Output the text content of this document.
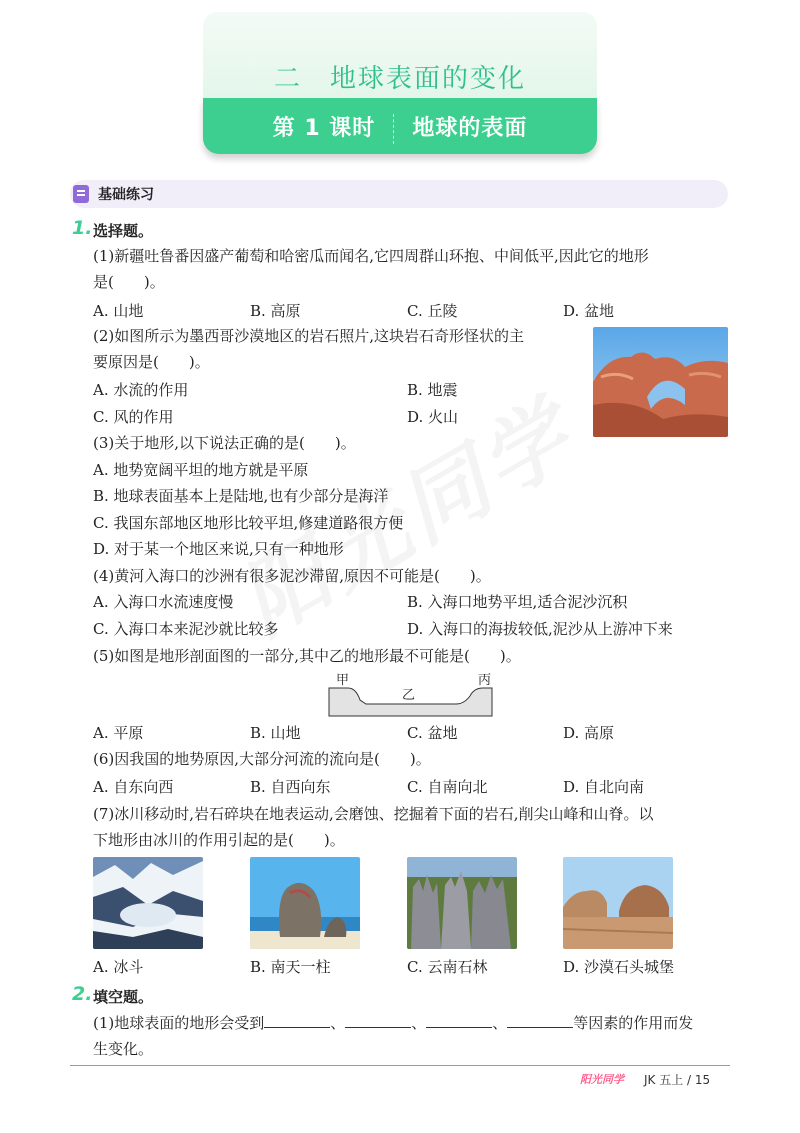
二 地球表面的变化
第 1 课时 地球的表面
基础练习
1. 选择题。
(1)新疆吐鲁番因盛产葡萄和哈密瓜而闻名,它四周群山环抱、中间低平,因此它的地形
是(　　)。
A. 山地	B. 高原	C. 丘陵	D. 盆地
(2)如图所示为墨西哥沙漠地区的岩石照片,这块岩石奇形怪状的主
要原因是(　　)。
A. 水流的作用	B. 地震
C. 风的作用	D. 火山
(3)关于地形,以下说法正确的是(　　)。
A. 地势宽阔平坦的地方就是平原
B. 地球表面基本上是陆地,也有少部分是海洋
C. 我国东部地区地形比较平坦,修建道路很方便
D. 对于某一个地区来说,只有一种地形
(4)黄河入海口的沙洲有很多泥沙滞留,原因不可能是(　　)。
A. 入海口水流速度慢	B. 入海口地势平坦,适合泥沙沉积
C. 入海口本来泥沙就比较多	D. 入海口的海拔较低,泥沙从上游冲下来
(5)如图是地形剖面图的一部分,其中乙的地形最不可能是(　　)。
甲
乙
丙
A. 平原	B. 山地	C. 盆地	D. 高原
(6)因我国的地势原因,大部分河流的流向是(　　)。
A. 自东向西	B. 自西向东	C. 自南向北	D. 自北向南
(7)冰川移动时,岩石碎块在地表运动,会磨蚀、挖掘着下面的岩石,削尖山峰和山脊。以
下地形由冰川的作用引起的是(　　)。
A. 冰斗	B. 南天一柱	C. 云南石林	D. 沙漠石头城堡
2. 填空题。
(1)地球表面的地形会受到	、	、	、	等因素的作用而发
生变化。
阳光同学 JK 五上 / 15
